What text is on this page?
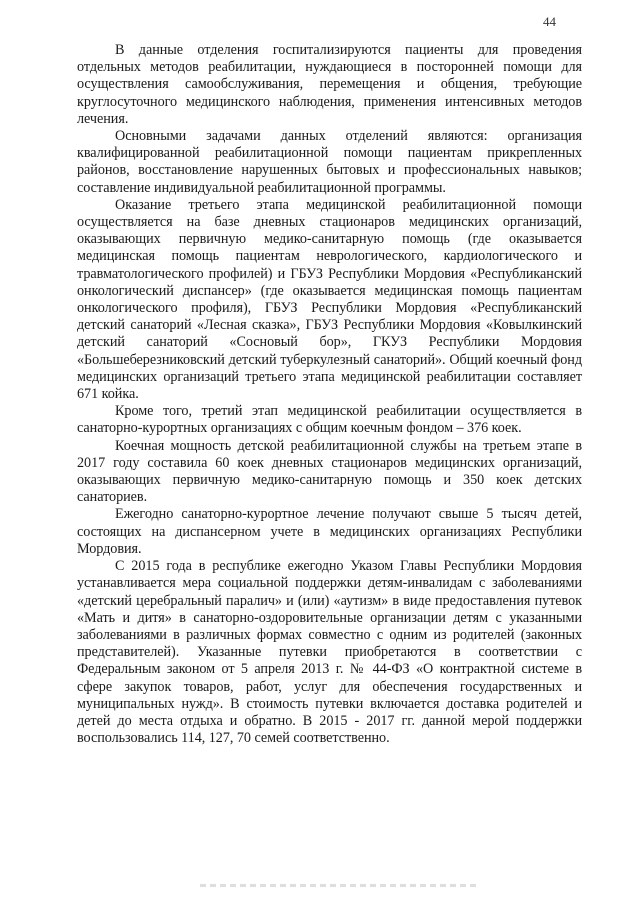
44

В данные отделения госпитализируются пациенты для проведения отдельных методов реабилитации, нуждающиеся в посторонней помощи для осуществления самообслуживания, перемещения и общения, требующие круглосуточного медицинского наблюдения, применения интенсивных методов лечения.

Основными задачами данных отделений являются: организация квалифицированной реабилитационной помощи пациентам прикрепленных районов, восстановление нарушенных бытовых и профессиональных навыков; составление индивидуальной реабилитационной программы.

Оказание третьего этапа медицинской реабилитационной помощи осуществляется на базе дневных стационаров медицинских организаций, оказывающих первичную медико-санитарную помощь (где оказывается медицинская помощь пациентам неврологического, кардиологического и травматологического профилей) и ГБУЗ Республики Мордовия «Республиканский онкологический диспансер» (где оказывается медицинская помощь пациентам онкологического профиля), ГБУЗ Республики Мордовия «Республиканский детский санаторий «Лесная сказка», ГБУЗ Республики Мордовия «Ковылкинский детский санаторий «Сосновый бор», ГКУЗ Республики Мордовия «Большеберезниковский детский туберкулезный санаторий». Общий коечный фонд медицинских организаций третьего этапа медицинской реабилитации составляет 671 койка.

Кроме того, третий этап медицинской реабилитации осуществляется в санаторно-курортных организациях с общим коечным фондом – 376 коек.

Коечная мощность детской реабилитационной службы на третьем этапе в 2017 году составила 60 коек дневных стационаров медицинских организаций, оказывающих первичную медико-санитарную помощь и 350 коек детских санаториев.

Ежегодно санаторно-курортное лечение получают свыше 5 тысяч детей, состоящих на диспансерном учете в медицинских организациях Республики Мордовия.

С 2015 года в республике ежегодно Указом Главы Республики Мордовия устанавливается мера социальной поддержки детям-инвалидам с заболеваниями «детский церебральный паралич» и (или) «аутизм» в виде предоставления путевок «Мать и дитя» в санаторно-оздоровительные организации детям с указанными заболеваниями в различных формах совместно с одним из родителей (законных представителей). Указанные путевки приобретаются в соответствии с Федеральным законом от 5 апреля 2013 г. № 44-ФЗ «О контрактной системе в сфере закупок товаров, работ, услуг для обеспечения государственных и муниципальных нужд». В стоимость путевки включается доставка родителей и детей до места отдыха и обратно. В 2015 - 2017 гг. данной мерой поддержки воспользовались 114, 127, 70 семей соответственно.
